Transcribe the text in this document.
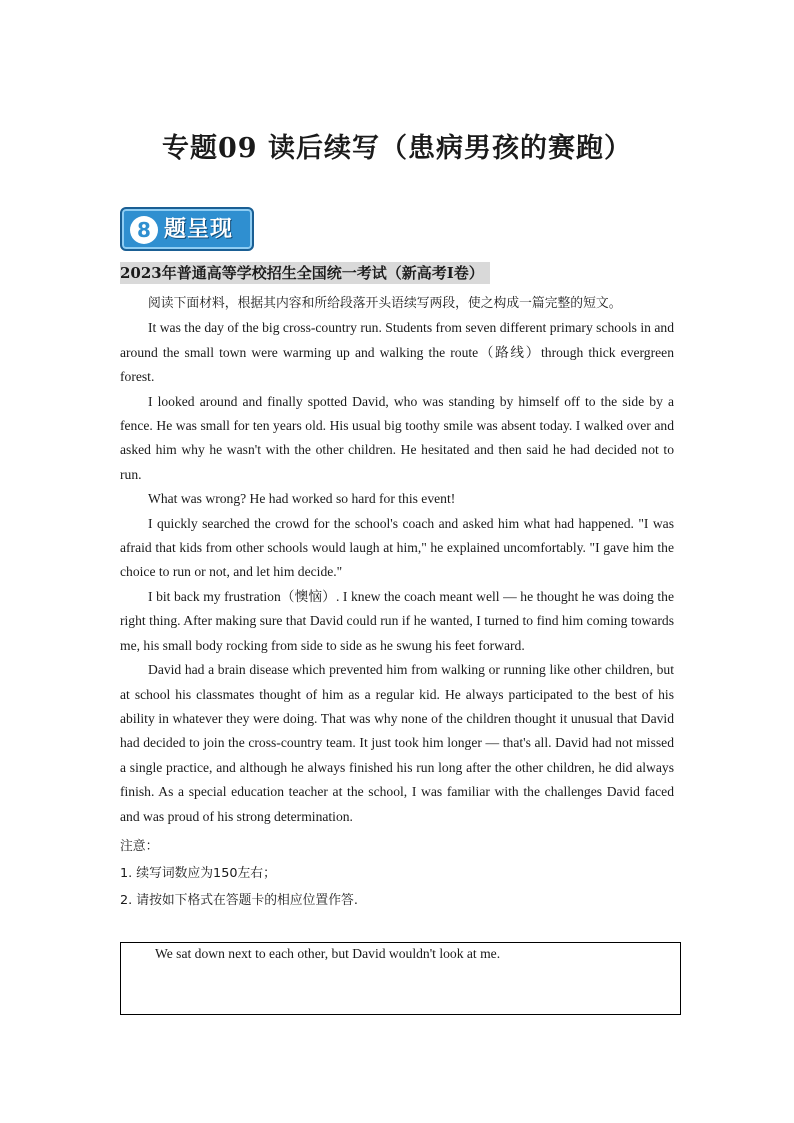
专题09 读后续写（患病男孩的赛跑）
8 题呈现
2023年普通高等学校招生全国统一考试（新高考Ⅰ卷）

阅读下面材料，根据其内容和所给段落开头语续写两段，使之构成一篇完整的短文。

It was the day of the big cross-country run. Students from seven different primary schools in and around the small town were warming up and walking the route（路线）through thick evergreen forest.

I looked around and finally spotted David, who was standing by himself off to the side by a fence. He was small for ten years old. His usual big toothy smile was absent today. I walked over and asked him why he wasn't with the other children. He hesitated and then said he had decided not to run.

What was wrong? He had worked so hard for this event!

I quickly searched the crowd for the school's coach and asked him what had happened. "I was afraid that kids from other schools would laugh at him," he explained uncomfortably. "I gave him the choice to run or not, and let him decide."

I bit back my frustration（懊恼）. I knew the coach meant well — he thought he was doing the right thing. After making sure that David could run if he wanted, I turned to find him coming towards me, his small body rocking from side to side as he swung his feet forward.

David had a brain disease which prevented him from walking or running like other children, but at school his classmates thought of him as a regular kid. He always participated to the best of his ability in whatever they were doing. That was why none of the children thought it unusual that David had decided to join the cross-country team. It just took him longer — that's all. David had not missed a single practice, and although he always finished his run long after the other children, he did always finish. As a special education teacher at the school, I was familiar with the challenges David faced and was proud of his strong determination.

注意：
1. 续写词数应为150左右；
2. 请按如下格式在答题卡的相应位置作答.
We sat down next to each other, but David wouldn't look at me.
